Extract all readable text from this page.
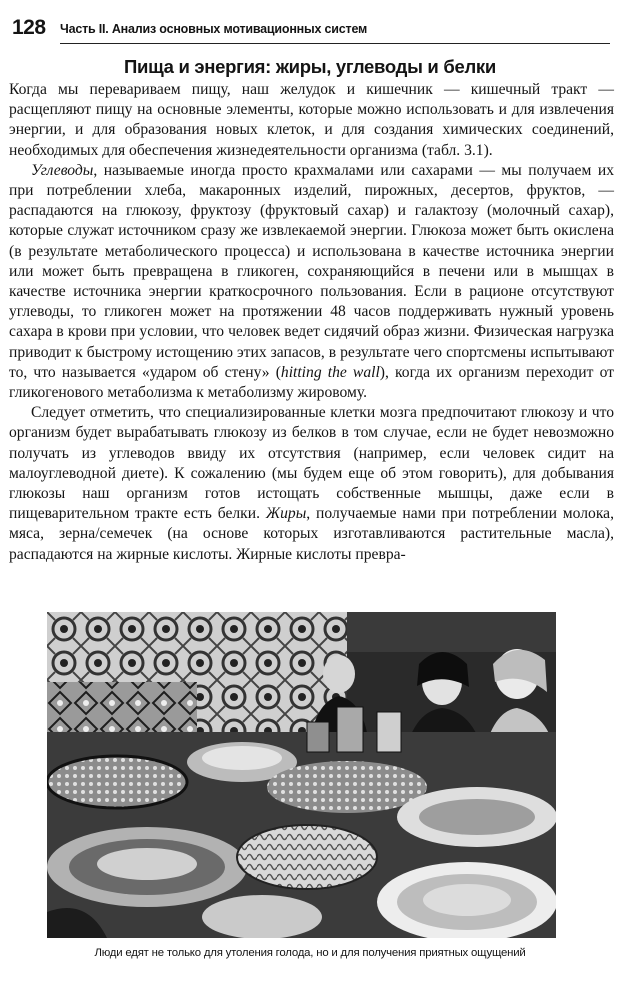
128 Часть II. Анализ основных мотивационных систем
Пища и энергия: жиры, углеводы и белки

Когда мы перевариваем пищу, наш желудок и кишечник — кишечный тракт — расщепляют пищу на основные элементы, которые можно использовать и для извлечения энергии, и для образования новых клеток, и для создания химических соединений, необходимых для обеспечения жизнедеятельности организма (табл. 3.1).

Углеводы, называемые иногда просто крахмалами или сахарами — мы получаем их при потреблении хлеба, макаронных изделий, пирожных, десертов, фруктов, — распадаются на глюкозу, фруктозу (фруктовый сахар) и галактозу (молочный сахар), которые служат источником сразу же извлекаемой энергии. Глюкоза может быть окислена (в результате метаболического процесса) и использована в качестве источника энергии или может быть превращена в гликоген, сохраняющийся в печени или в мышцах в качестве источника энергии краткосрочного пользования. Если в рационе отсутствуют углеводы, то гликоген может на протяжении 48 часов поддерживать нужный уровень сахара в крови при условии, что человек ведет сидячий образ жизни. Физическая нагрузка приводит к быстрому истощению этих запасов, в результате чего спортсмены испытывают то, что называется «ударом об стену» (hitting the wall), когда их организм переходит от гликогенового метаболизма к метаболизму жировому.

Следует отметить, что специализированные клетки мозга предпочитают глюкозу и что организм будет вырабатывать глюкозу из белков в том случае, если не будет невозможно получать из углеводов ввиду их отсутствия (например, если человек сидит на малоуглеводной диете). К сожалению (мы будем еще об этом говорить), для добывания глюкозы наш организм готов истощать собственные мышцы, даже если в пищеварительном тракте есть белки. Жиры, получаемые нами при потреблении молока, мяса, зерна/семечек (на основе которых изготавливаются растительные масла), распадаются на жирные кислоты. Жирные кислоты превра-

Люди едят не только для утоления голода, но и для получения приятных ощущений
